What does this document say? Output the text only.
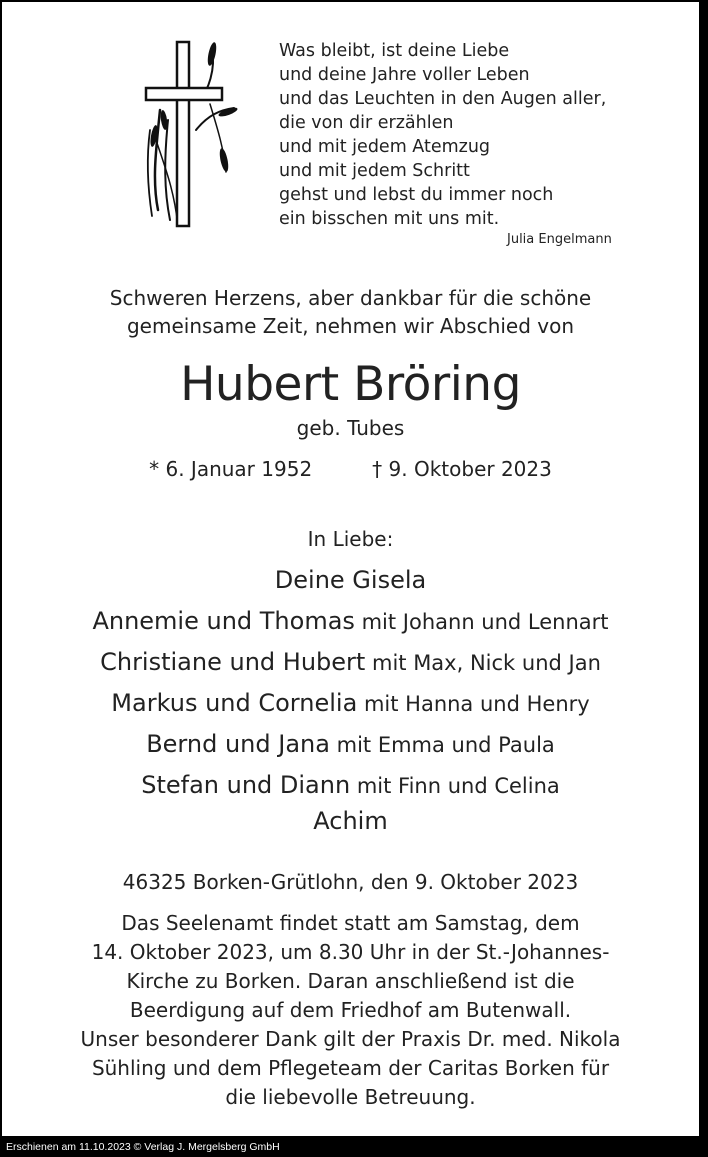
Was bleibt, ist deine Liebe
und deine Jahre voller Leben
und das Leuchten in den Augen aller,
die von dir erzählen
und mit jedem Atemzug
und mit jedem Schritt
gehst und lebst du immer noch
ein bisschen mit uns mit.
Julia Engelmann
Schweren Herzens, aber dankbar für die schöne
gemeinsame Zeit, nehmen wir Abschied von
Hubert Bröring
geb. Tubes
* 6. Januar 1952	† 9. Oktober 2023
In Liebe:
Deine Gisela
Annemie und Thomas mit Johann und Lennart
Christiane und Hubert mit Max, Nick und Jan
Markus und Cornelia mit Hanna und Henry
Bernd und Jana mit Emma und Paula
Stefan und Diann mit Finn und Celina
Achim
46325 Borken-Grütlohn, den 9. Oktober 2023
Das Seelenamt findet statt am Samstag, dem
14. Oktober 2023, um 8.30 Uhr in der St.-Johannes-
Kirche zu Borken. Daran anschließend ist die
Beerdigung auf dem Friedhof am Butenwall.
Unser besonderer Dank gilt der Praxis Dr. med. Nikola
Sühling und dem Pflegeteam der Caritas Borken für
die liebevolle Betreuung.
Erschienen am 11.10.2023 © Verlag J. Mergelsberg GmbH
